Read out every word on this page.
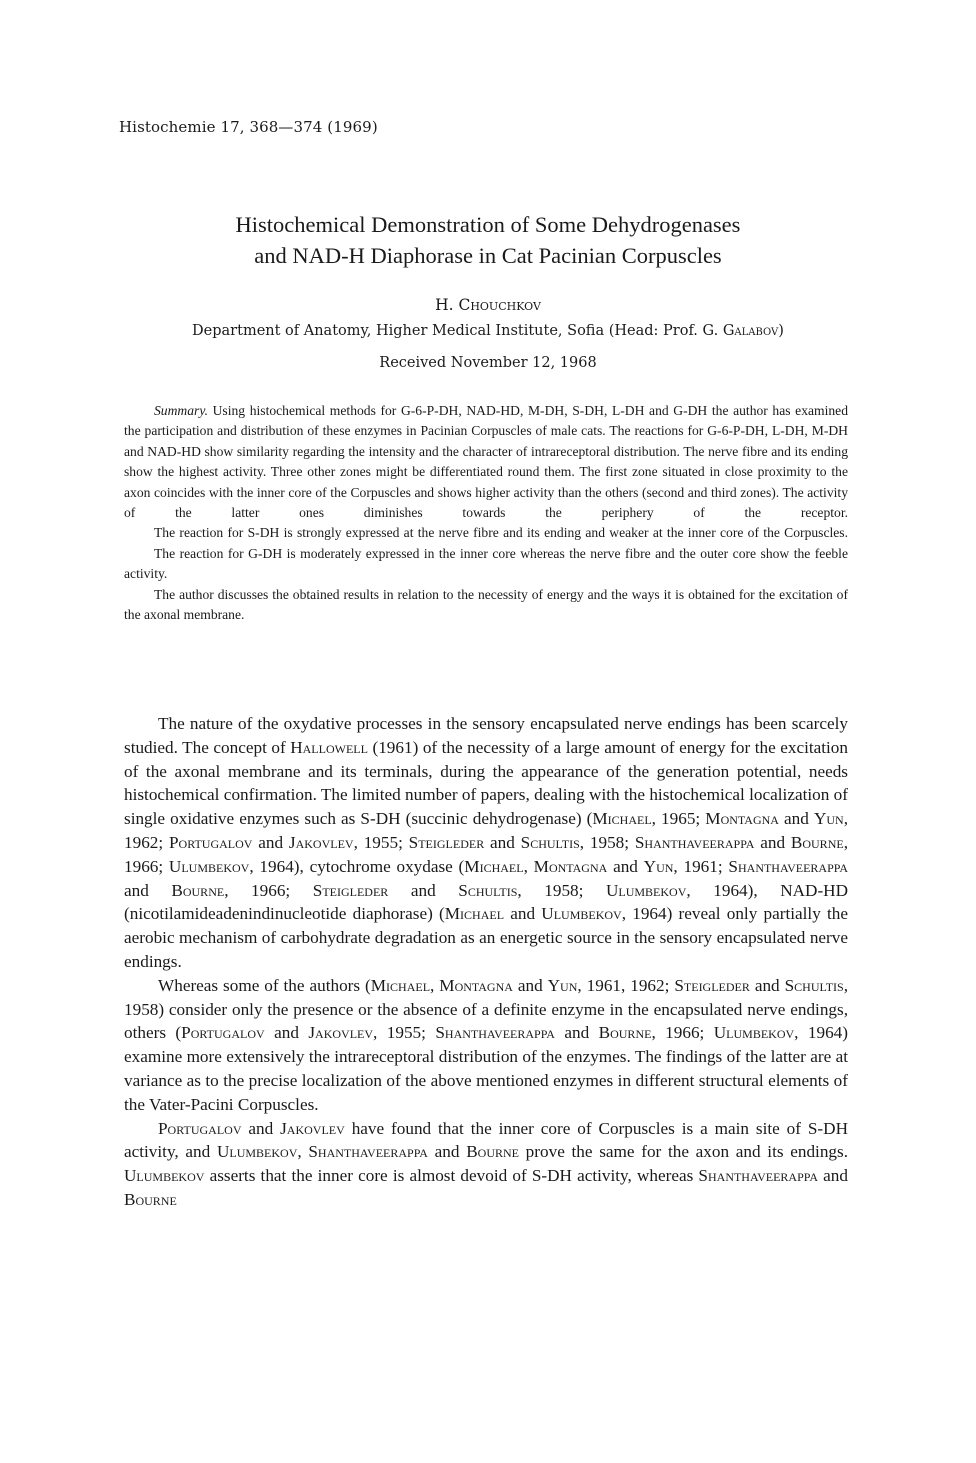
Histochemie 17, 368—374 (1969)
Histochemical Demonstration of Some Dehydrogenases
and NAD-H Diaphorase in Cat Pacinian Corpuscles
H. Chouchkov
Department of Anatomy, Higher Medical Institute, Sofia (Head: Prof. G. Galabov)
Received November 12, 1968

Summary. Using histochemical methods for G-6-P-DH, NAD-HD, M-DH, S-DH, L-DH and G-DH the author has examined the participation and distribution of these enzymes in Pacinian Corpuscles of male cats. The reactions for G-6-P-DH, L-DH, M-DH and NAD-HD show similarity regarding the intensity and the character of intrareceptoral distribution. The nerve fibre and its ending show the highest activity. Three other zones might be differentiated round them. The first zone situated in close proximity to the axon coincides with the inner core of the Corpuscles and shows higher activity than the others (second and third zones). The activity of the latter ones diminishes towards the periphery of the receptor.

The reaction for S-DH is strongly expressed at the nerve fibre and its ending and weaker at the inner core of the Corpuscles.

The reaction for G-DH is moderately expressed in the inner core whereas the nerve fibre and the outer core show the feeble activity.

The author discusses the obtained results in relation to the necessity of energy and the ways it is obtained for the excitation of the axonal membrane.

The nature of the oxydative processes in the sensory encapsulated nerve endings has been scarcely studied. The concept of Hallowell (1961) of the necessity of a large amount of energy for the excitation of the axonal membrane and its terminals, during the appearance of the generation potential, needs histochemical confirmation. The limited number of papers, dealing with the histochemical localization of single oxidative enzymes such as S-DH (succinic dehydrogenase) (Michael, 1965; Montagna and Yun, 1962; Portugalov and Jakovlev, 1955; Steigleder and Schultis, 1958; Shanthaveerappa and Bourne, 1966; Ulumbekov, 1964), cytochrome oxydase (Michael, Montagna and Yun, 1961; Shanthaveerappa and Bourne, 1966; Steigleder and Schultis, 1958; Ulumbekov, 1964), NAD-HD (nicotilamideadenindinucleotide diaphorase) (Michael and Ulumbekov, 1964) reveal only partially the aerobic mechanism of carbohydrate degradation as an energetic source in the sensory encapsulated nerve endings.

Whereas some of the authors (Michael, Montagna and Yun, 1961, 1962; Steigleder and Schultis, 1958) consider only the presence or the absence of a definite enzyme in the encapsulated nerve endings, others (Portugalov and Jakovlev, 1955; Shanthaveerappa and Bourne, 1966; Ulumbekov, 1964) examine more extensively the intrareceptoral distribution of the enzymes. The findings of the latter are at variance as to the precise localization of the above mentioned enzymes in different structural elements of the Vater-Pacini Corpuscles.

Portugalov and Jakovlev have found that the inner core of Corpuscles is a main site of S-DH activity, and Ulumbekov, Shanthaveerappa and Bourne prove the same for the axon and its endings. Ulumbekov asserts that the inner core is almost devoid of S-DH activity, whereas Shanthaveerappa and Bourne
